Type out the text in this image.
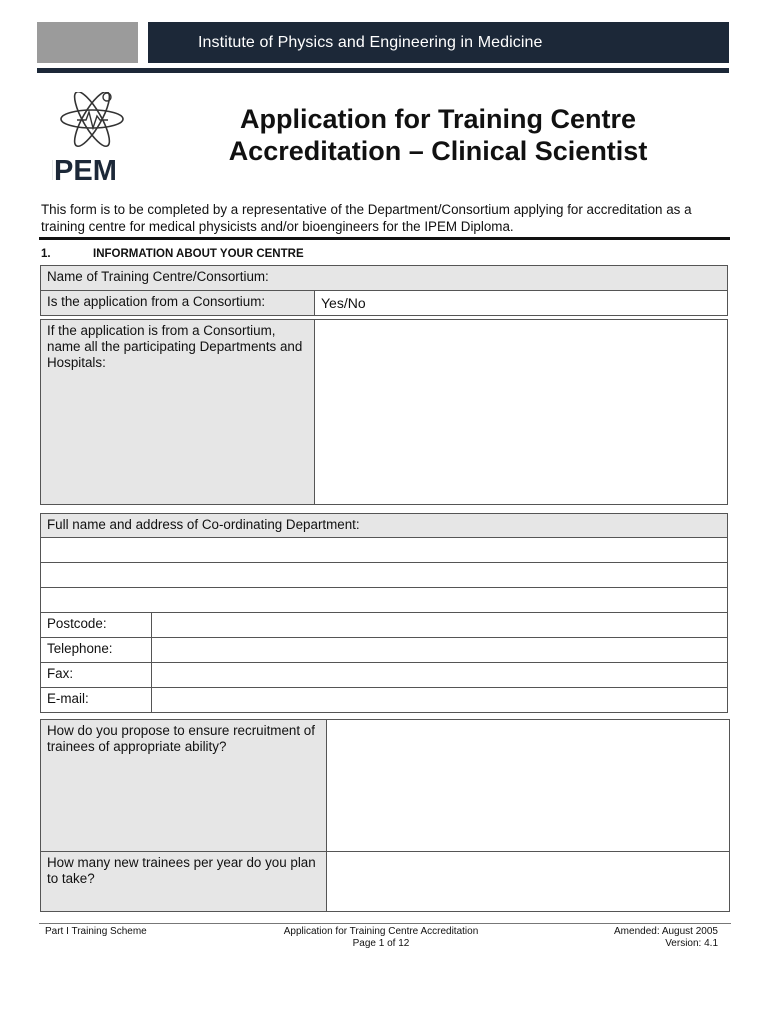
Institute of Physics and Engineering in Medicine
IPEM
Application for Training Centre
Accreditation – Clinical Scientist
This form is to be completed by a representative of the Department/Consortium applying for accreditation as a training centre for medical physicists and/or bioengineers for the IPEM Diploma.
1.	INFORMATION ABOUT YOUR CENTRE
Name of Training Centre/Consortium:
Is the application from a Consortium:	Yes/No
If the application is from a Consortium, name all the participating Departments and Hospitals:
Full name and address of Co-ordinating Department:
Postcode:
Telephone:
Fax:
E-mail:
How do you propose to ensure recruitment of trainees of appropriate ability?
How many new trainees per year do you plan to take?
Part I Training Scheme	Application for Training Centre Accreditation
Page 1 of 12
Amended: August 2005
Version: 4.1
